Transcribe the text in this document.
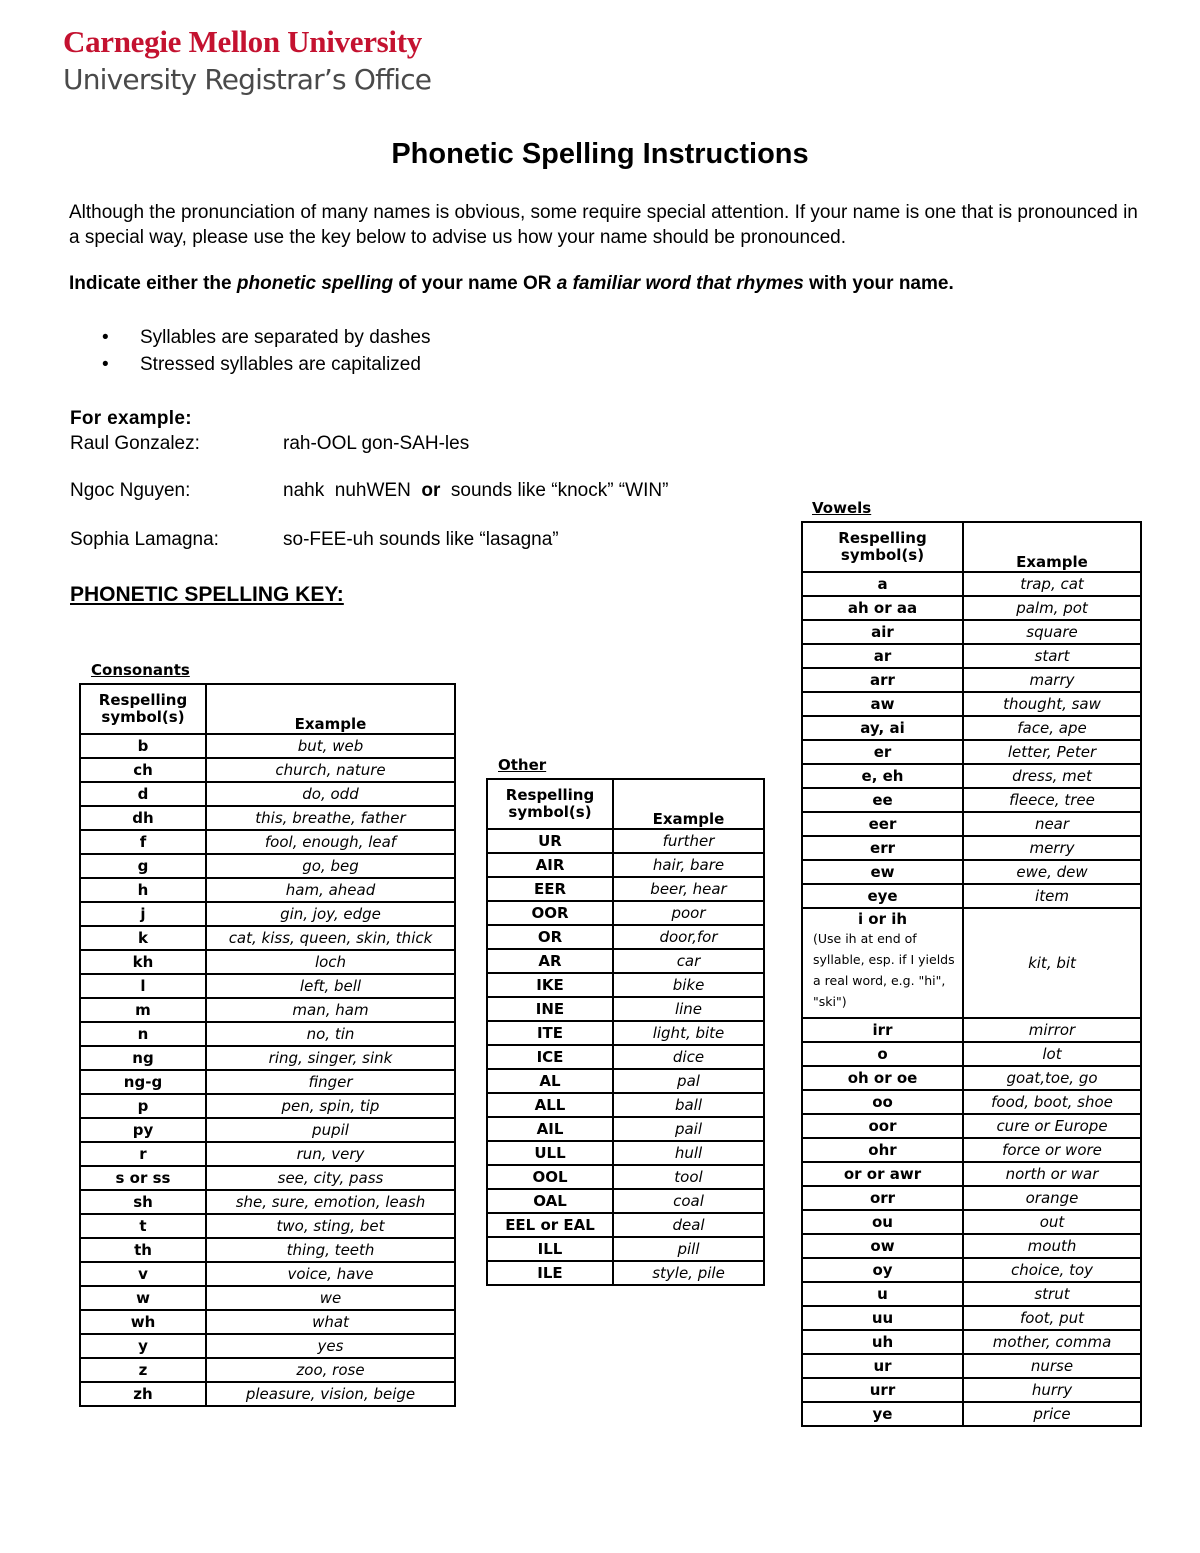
Carnegie Mellon University
University Registrar’s Office
Phonetic Spelling Instructions
Although the pronunciation of many names is obvious, some require special attention. If your name is one that is pronounced in a special way, please use the key below to advise us how your name should be pronounced.
Indicate either the phonetic spelling of your name OR a familiar word that rhymes with your name.
•	Syllables are separated by dashes
•	Stressed syllables are capitalized
For example:
Raul Gonzalez:	rah-OOL gon-SAH-les
Ngoc Nguyen:	nahk  nuhWEN  or  sounds like “knock” “WIN”
Sophia Lamagna:	so-FEE-uh sounds like “lasagna”
PHONETIC SPELLING KEY:
Consonants
Respelling symbol(s)	Example
b	but, web
ch	church, nature
d	do, odd
dh	this, breathe, father
f	fool, enough, leaf
g	go, beg
h	ham, ahead
j	gin, joy, edge
k	cat, kiss, queen, skin, thick
kh	loch
l	left, bell
m	man, ham
n	no, tin
ng	ring, singer, sink
ng-g	finger
p	pen, spin, tip
py	pupil
r	run, very
s or ss	see, city, pass
sh	she, sure, emotion, leash
t	two, sting, bet
th	thing, teeth
v	voice, have
w	we
wh	what
y	yes
z	zoo, rose
zh	pleasure, vision, beige
Other
Respelling symbol(s)	Example
UR	further
AIR	hair, bare
EER	beer, hear
OOR	poor
OR	door,for
AR	car
IKE	bike
INE	line
ITE	light, bite
ICE	dice
AL	pal
ALL	ball
AIL	pail
ULL	hull
OOL	tool
OAL	coal
EEL or EAL	deal
ILL	pill
ILE	style, pile
Vowels
Respelling symbol(s)	Example
a	trap, cat
ah or aa	palm, pot
air	square
ar	start
arr	marry
aw	thought, saw
ay, ai	face, ape
er	letter, Peter
e, eh	dress, met
ee	fleece, tree
eer	near
err	merry
ew	ewe, dew
eye	item
i or ih
(Use ih at end of syllable, esp. if I yields a real word, e.g. "hi", "ski")	kit, bit
irr	mirror
o	lot
oh or oe	goat,toe, go
oo	food, boot, shoe
oor	cure or Europe
ohr	force or wore
or or awr	north or war
orr	orange
ou	out
ow	mouth
oy	choice, toy
u	strut
uu	foot, put
uh	mother, comma
ur	nurse
urr	hurry
ye	price
